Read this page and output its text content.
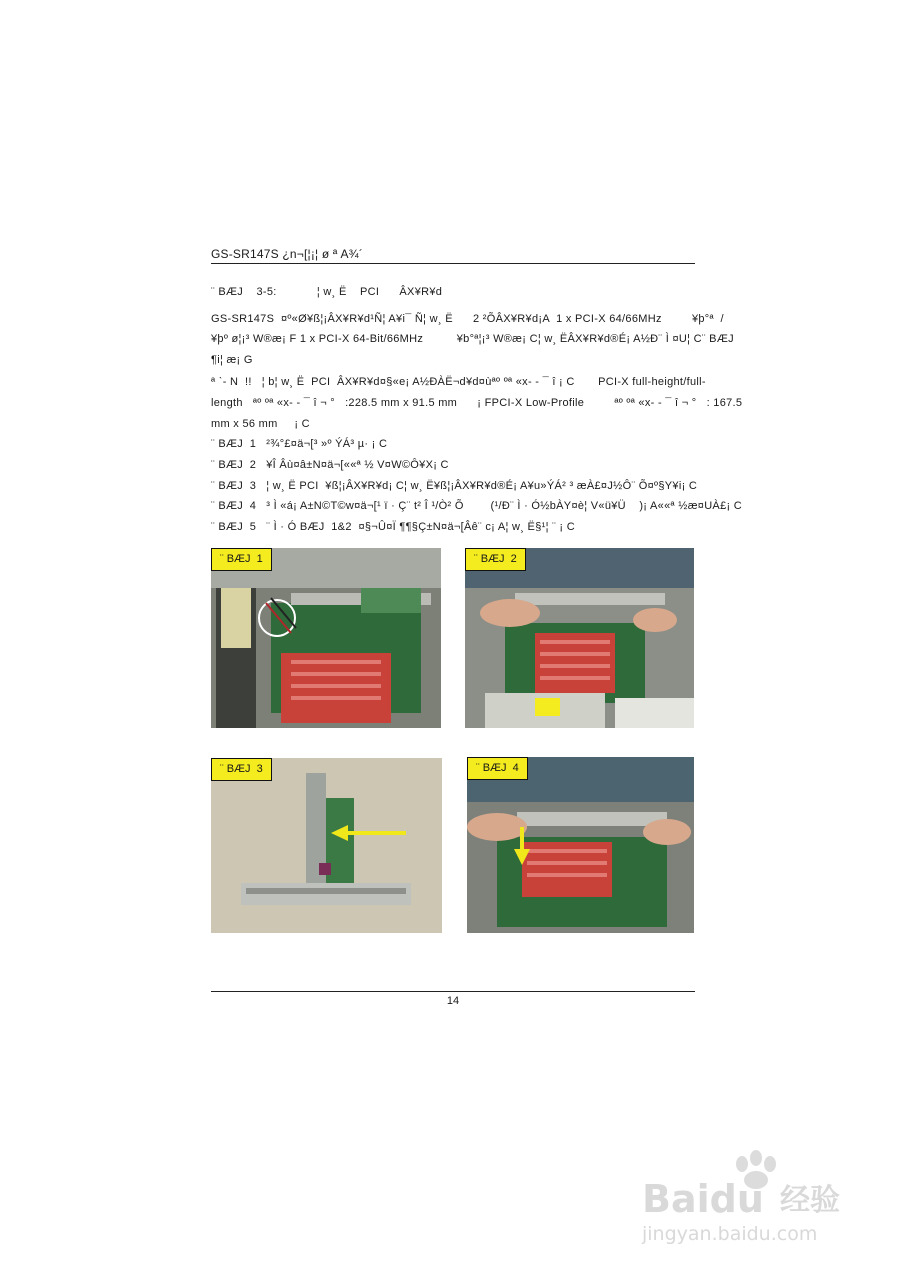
GS-SR147S ¿n¬[¦¡¦ ø ª A¾´
¨ BÆJ    3-5:            ¦ w¸ Ë    PCI      ÂX¥R¥d
GS-SR147S  ¤º«Ø¥ß¦¡ÂX¥R¥d¹Ñ¦ A¥i¯ Ñ¦ w¸ Ë      2 ²ÕÂX¥R¥d¡A  1 x PCI-X 64/66MHz         ¥þ°ª  /
¥þº ø¦¡³ W®æ¡ F 1 x PCI-X 64-Bit/66MHz          ¥b°ª¦¡³ W®æ¡ C¦ w¸ ËÂX¥R¥d®É¡ A½Ð¨ Ì ¤U¦ C¨ BÆJ
¶i¦ æ¡ G
ª ˋ- N  !!   ¦ b¦ w¸ Ë  PCI  ÂX¥R¥d¤§«e¡ A½ÐÀË¬d¥d¤ùªº ºª «x- - ¯ î ¡ C       PCI-X full-height/full-
length   ªº ºª «x- - ¯ î ¬ °   :228.5 mm x 91.5 mm      ¡ FPCI-X Low-Profile         ªº ºª «x- - ¯ î ¬ °   : 167.5
mm x 56 mm     ¡ C
¨ BÆJ  1   ²¾°£¤ä¬[³ »º ÝÁ³ µ· ¡ C
¨ BÆJ  2   ¥Î Âù¤â±N¤ä¬[««ª ½ V¤W©Ô¥X¡ C
¨ BÆJ  3   ¦ w¸ Ë PCI  ¥ß¦¡ÂX¥R¥d¡ C¦ w¸ Ë¥ß¦¡ÂX¥R¥d®É¡ A¥u»ÝÁ² ³ æÀ£¤J½Ô¨ Õ¤º§Y¥i¡ C
¨ BÆJ  4   ³ Ì «á¡ A±N©T©w¤ä¬[¹ ï · Ç¨ t² Î ¹/Ò² Õ        (¹/Ð¨ Ì · Ó½bÀY¤è¦ V«ü¥Ü    )¡ A««ª ½æ¤UÀ£¡ C
¨ BÆJ  5   ¨ Ì · Ó BÆJ  1&2  ¤§¬Û¤Ï ¶¶§Ç±N¤ä¬[Âê¨ c¡ A¦ w¸ Ë§¹¦ ¨ ¡ C
¨ BÆJ  1	¨ BÆJ  2
¨ BÆJ  3	¨ BÆJ  4
14
Baidu 经验
jingyan.baidu.com
